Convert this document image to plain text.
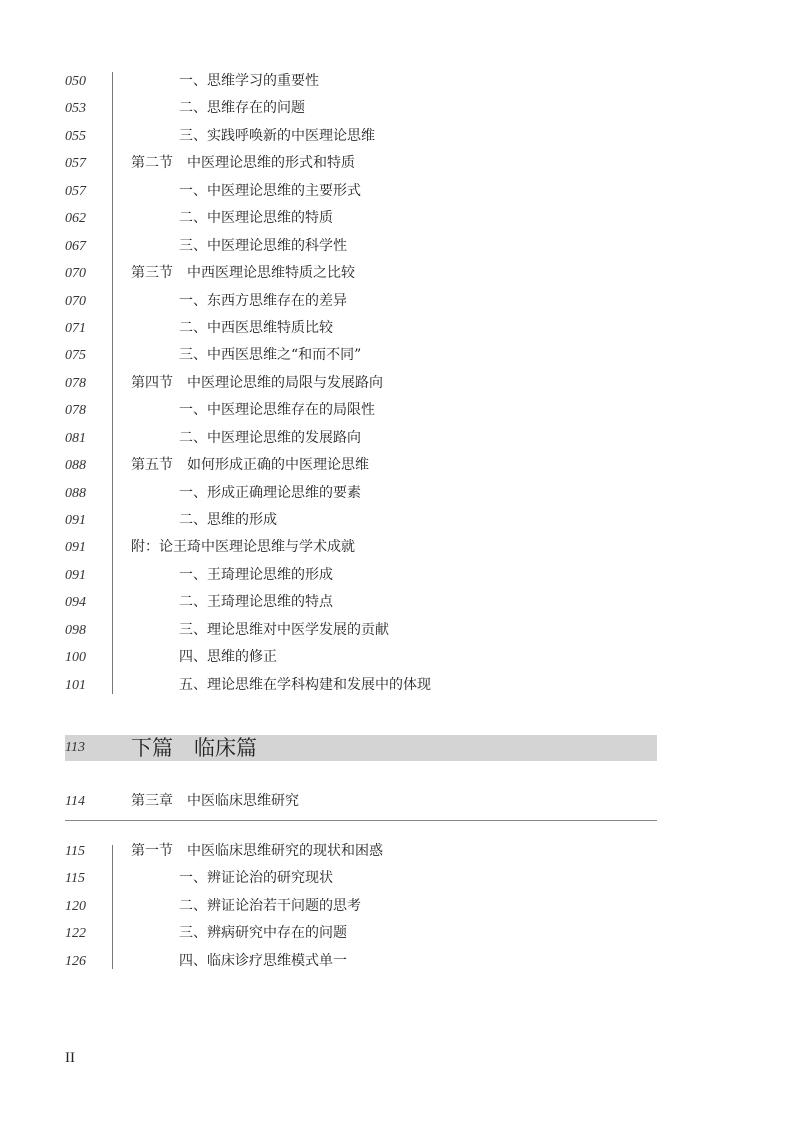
050	一、思维学习的重要性
053	二、思维存在的问题
055	三、实践呼唤新的中医理论思维
057	第二节　中医理论思维的形式和特质
057	一、中医理论思维的主要形式
062	二、中医理论思维的特质
067	三、中医理论思维的科学性
070	第三节　中西医理论思维特质之比较
070	一、东西方思维存在的差异
071	二、中西医思维特质比较
075	三、中西医思维之“和而不同”
078	第四节　中医理论思维的局限与发展路向
078	一、中医理论思维存在的局限性
081	二、中医理论思维的发展路向
088	第五节　如何形成正确的中医理论思维
088	一、形成正确理论思维的要素
091	二、思维的形成
091	附：论王琦中医理论思维与学术成就
091	一、王琦理论思维的形成
094	二、王琦理论思维的特点
098	三、理论思维对中医学发展的贡献
100	四、思维的修正
101	五、理论思维在学科构建和发展中的体现
113 下篇　临床篇
114	第三章　中医临床思维研究
115	第一节　中医临床思维研究的现状和困惑
115	一、辨证论治的研究现状
120	二、辨证论治若干问题的思考
122	三、辨病研究中存在的问题
126	四、临床诊疗思维模式单一
II
